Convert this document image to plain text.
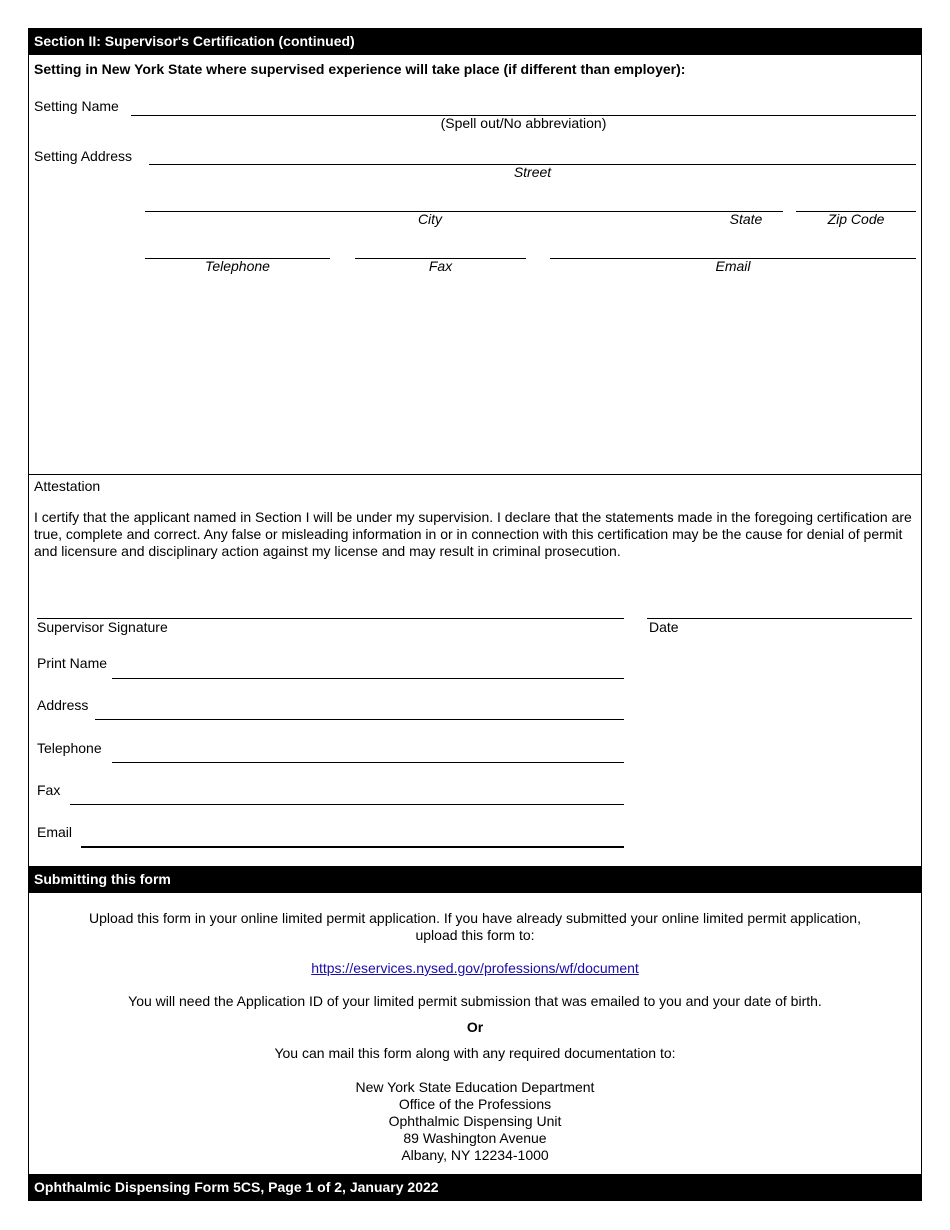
Section II: Supervisor's Certification (continued)
Setting in New York State where supervised experience will take place (if different than employer):
Setting Name
(Spell out/No abbreviation)
Setting Address
Street
City	State	Zip Code
Telephone	Fax	Email
Attestation
I certify that the applicant named in Section I will be under my supervision. I declare that the statements made in the foregoing certification are true, complete and correct. Any false or misleading information in or in connection with this certification may be the cause for denial of permit and licensure and disciplinary action against my license and may result in criminal prosecution.
Supervisor Signature	Date
Print Name
Address
Telephone
Fax
Email
Submitting this form
Upload this form in your online limited permit application. If you have already submitted your online limited permit application, upload this form to:
https://eservices.nysed.gov/professions/wf/document
You will need the Application ID of your limited permit submission that was emailed to you and your date of birth.
Or
You can mail this form along with any required documentation to:
New York State Education Department
Office of the Professions
Ophthalmic Dispensing Unit
89 Washington Avenue
Albany, NY 12234-1000
Ophthalmic Dispensing Form 5CS, Page 1 of 2, January 2022
